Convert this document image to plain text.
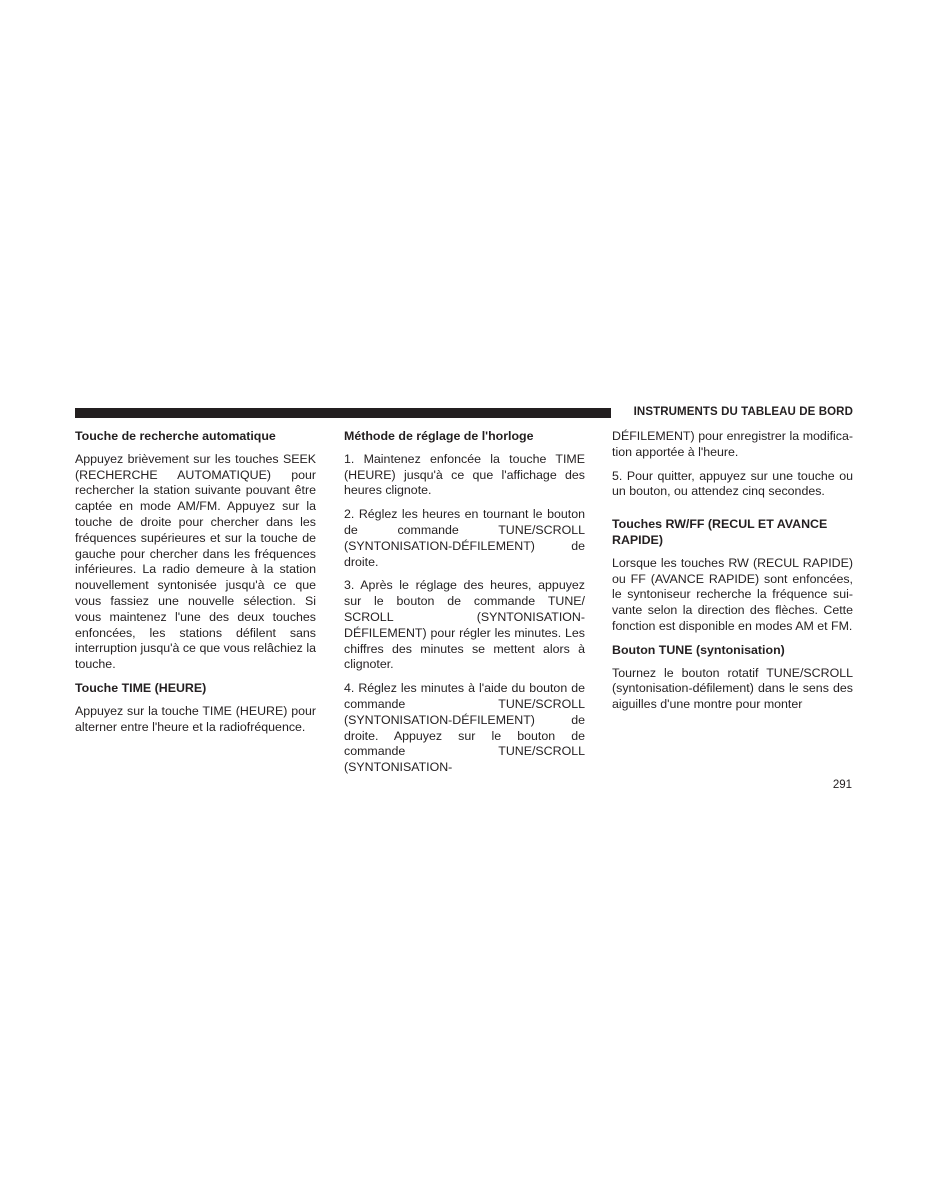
INSTRUMENTS DU TABLEAU DE BORD
Touche de recherche automatique

Appuyez brièvement sur les touches SEEK (RECHERCHE AUTOMATIQUE) pour rechercher la station suivante pouvant être captée en mode AM/FM. Appuyez sur la touche de droite pour chercher dans les fréquences supérieures et sur la touche de gauche pour chercher dans les fréquences inférieures. La radio demeure à la station nouvellement syntonisée jusqu'à ce que vous fassiez une nouvelle sélection. Si vous maintenez l'une des deux touches enfoncées, les stations défilent sans interruption jusqu'à ce que vous relâchiez la touche.

Touche TIME (HEURE)

Appuyez sur la touche TIME (HEURE) pour alterner entre l'heure et la radiofréquence.

Méthode de réglage de l'horloge

1. Maintenez enfoncée la touche TIME (HEURE) jusqu'à ce que l'affichage des heures clignote.

2. Réglez les heures en tournant le bouton de commande TUNE/SCROLL (SYNTONISATION-DÉFILEMENT) de droite.

3. Après le réglage des heures, appuyez sur le bouton de commande TUNE/ SCROLL (SYNTONISATION-DÉFILEMENT) pour régler les minutes. Les chiffres des minutes se mettent alors à clignoter.

4. Réglez les minutes à l'aide du bouton de commande TUNE/SCROLL (SYNTONISATION-DÉFILEMENT) de droite. Appuyez sur le bouton de commande TUNE/SCROLL (SYNTONISATION-

DÉFILEMENT) pour enregistrer la modification apportée à l'heure.

5. Pour quitter, appuyez sur une touche ou un bouton, ou attendez cinq secondes.

Touches RW/FF (RECUL ET AVANCE RAPIDE)

Lorsque les touches RW (RECUL RAPIDE) ou FF (AVANCE RAPIDE) sont enfoncées, le syntoniseur recherche la fréquence suivante selon la direction des flèches. Cette fonction est disponible en modes AM et FM.

Bouton TUNE (syntonisation)

Tournez le bouton rotatif TUNE/SCROLL (syntonisation-défilement) dans le sens des aiguilles d'une montre pour monter

291
